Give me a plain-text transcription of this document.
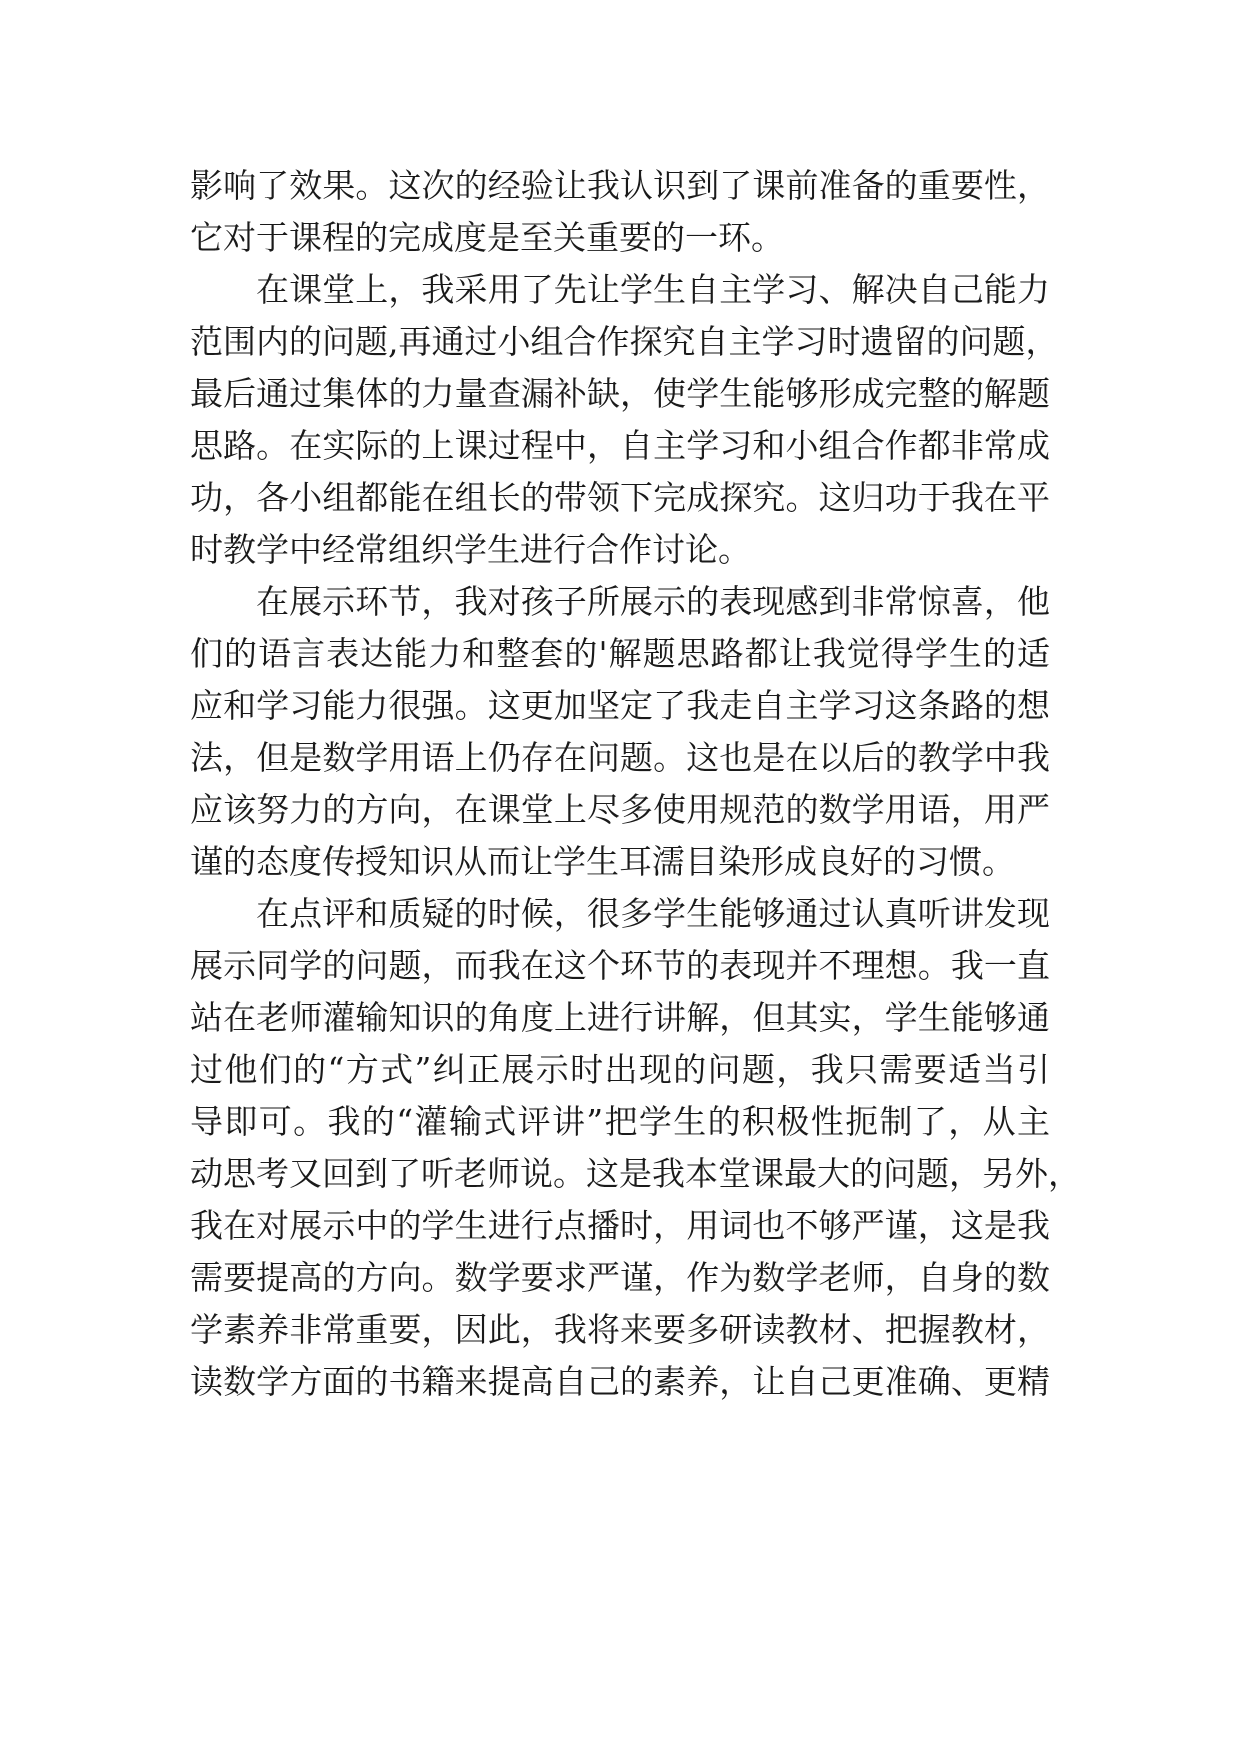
影响了效果。这次的经验让我认识到了课前准备的重要性，
它对于课程的完成度是至关重要的一环。
在课堂上，我采用了先让学生自主学习、解决自己能力
范围内的问题,再通过小组合作探究自主学习时遗留的问题，
最后通过集体的力量查漏补缺，使学生能够形成完整的解题
思路。在实际的上课过程中，自主学习和小组合作都非常成
功，各小组都能在组长的带领下完成探究。这归功于我在平
时教学中经常组织学生进行合作讨论。
在展示环节，我对孩子所展示的表现感到非常惊喜，他
们的语言表达能力和整套的'解题思路都让我觉得学生的适
应和学习能力很强。这更加坚定了我走自主学习这条路的想
法，但是数学用语上仍存在问题。这也是在以后的教学中我
应该努力的方向，在课堂上尽多使用规范的数学用语，用严
谨的态度传授知识从而让学生耳濡目染形成良好的习惯。
在点评和质疑的时候，很多学生能够通过认真听讲发现
展示同学的问题，而我在这个环节的表现并不理想。我一直
站在老师灌输知识的角度上进行讲解，但其实，学生能够通
过他们的“方式”纠正展示时出现的问题，我只需要适当引
导即可。我的“灌输式评讲”把学生的积极性扼制了，从主
动思考又回到了听老师说。这是我本堂课最大的问题，另外，
我在对展示中的学生进行点播时，用词也不够严谨，这是我
需要提高的方向。数学要求严谨，作为数学老师，自身的数
学素养非常重要，因此，我将来要多研读教材、把握教材，
读数学方面的书籍来提高自己的素养，让自己更准确、更精
